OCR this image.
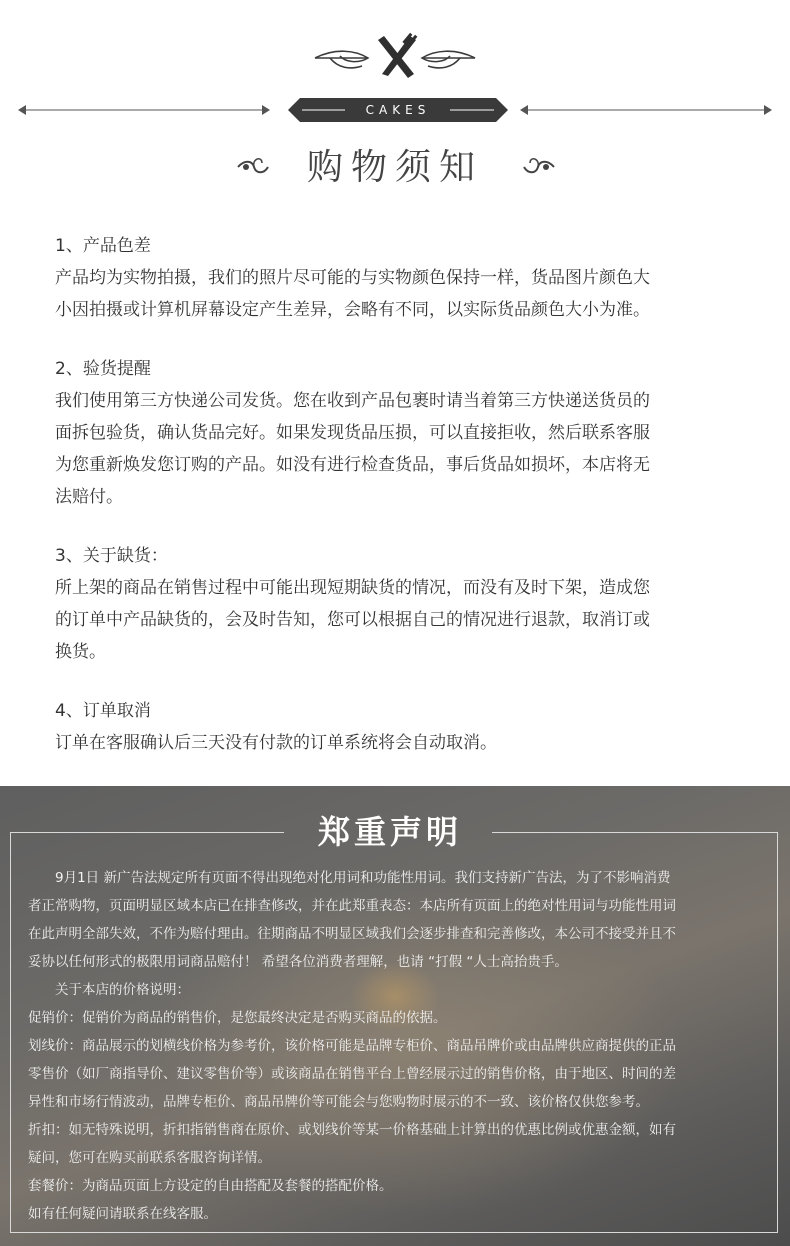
CAKES
购物须知
1、产品色差
产品均为实物拍摄，我们的照片尽可能的与实物颜色保持一样，货品图片颜色大
小因拍摄或计算机屏幕设定产生差异，会略有不同，以实际货品颜色大小为准。
2、验货提醒
我们使用第三方快递公司发货。您在收到产品包裹时请当着第三方快递送货员的
面拆包验货，确认货品完好。如果发现货品压损，可以直接拒收，然后联系客服
为您重新焕发您订购的产品。如没有进行检查货品，事后货品如损坏，本店将无
法赔付。
3、关于缺货：
所上架的商品在销售过程中可能出现短期缺货的情况，而没有及时下架，造成您
的订单中产品缺货的，会及时告知，您可以根据自己的情况进行退款，取消订或
换货。
4、订单取消
订单在客服确认后三天没有付款的订单系统将会自动取消。
郑重声明

9月1日 新广告法规定所有页面不得出现绝对化用词和功能性用词。我们支持新广告法，为了不影响消费

者正常购物，页面明显区域本店已在排查修改，并在此郑重表态：本店所有页面上的绝对性用词与功能性用词

在此声明全部失效，不作为赔付理由。往期商品不明显区域我们会逐步排查和完善修改，本公司不接受并且不

妥协以任何形式的极限用词商品赔付！ 希望各位消费者理解，也请 “打假 “人士高抬贵手。

关于本店的价格说明：

促销价：促销价为商品的销售价，是您最终决定是否购买商品的依据。

划线价：商品展示的划横线价格为参考价，该价格可能是品牌专柜价、商品吊牌价或由品牌供应商提供的正品

零售价（如厂商指导价、建议零售价等）或该商品在销售平台上曾经展示过的销售价格，由于地区、时间的差

异性和市场行情波动，品牌专柜价、商品吊牌价等可能会与您购物时展示的不一致、该价格仅供您参考。

折扣：如无特殊说明，折扣指销售商在原价、或划线价等某一价格基础上计算出的优惠比例或优惠金额，如有

疑问，您可在购买前联系客服咨询详情。

套餐价：为商品页面上方设定的自由搭配及套餐的搭配价格。

如有任何疑问请联系在线客服。
